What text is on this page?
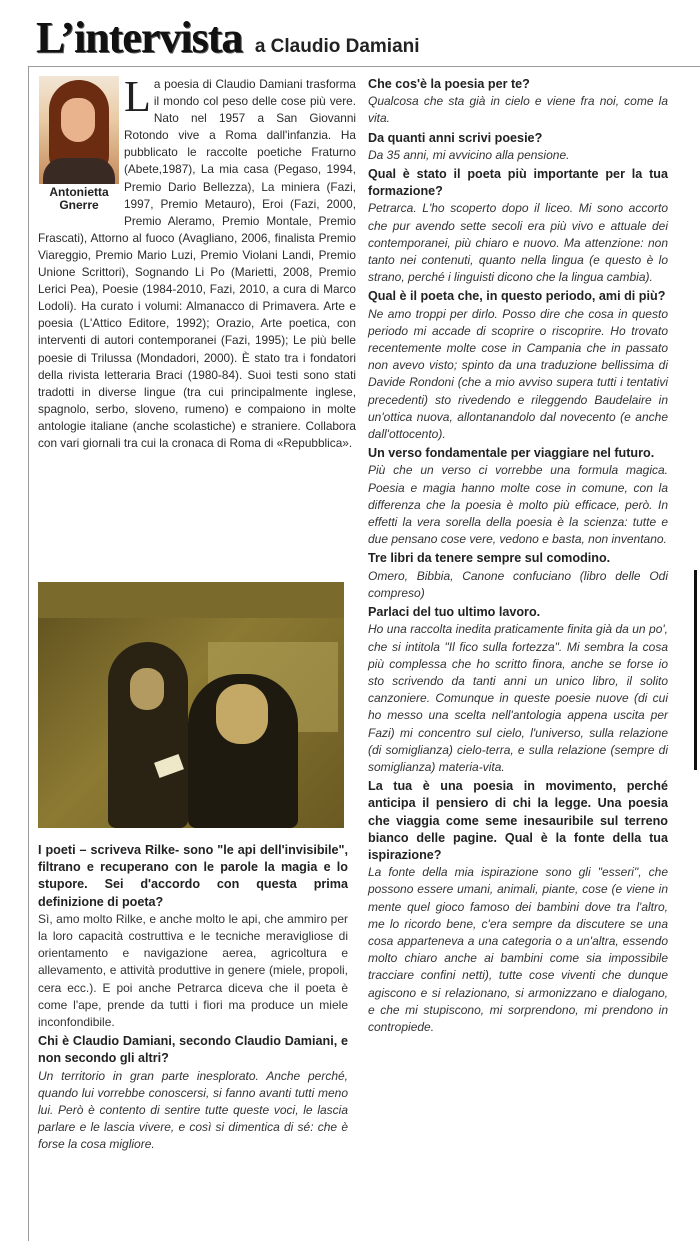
L’intervista a Claudio Damiani
Antonietta
Gnerre

L a poesia di Claudio Damiani trasforma il mondo col peso delle cose più vere. Nato nel 1957 a San Giovanni Rotondo vive a Roma dall'infanzia. Ha pubblicato le raccolte poetiche Fraturno (Abete,1987), La mia casa (Pegaso, 1994, Premio Dario Bellezza), La miniera (Fazi, 1997, Premio Metauro), Eroi (Fazi, 2000, Premio Aleramo, Premio Montale, Premio Frascati), Attorno al fuoco (Avagliano, 2006, finalista Premio Viareggio, Premio Mario Luzi, Premio Violani Landi, Premio Unione Scrittori), Sognando Li Po (Marietti, 2008, Premio Lerici Pea), Poesie (1984-2010, Fazi, 2010, a cura di Marco Lodoli). Ha curato i volumi: Almanacco di Primavera. Arte e poesia (L'Attico Editore, 1992); Orazio, Arte poetica, con interventi di autori contemporanei (Fazi, 1995); Le più belle poesie di Trilussa (Mondadori, 2000). È stato tra i fondatori della rivista letteraria Braci (1980-84). Suoi testi sono stati tradotti in diverse lingue (tra cui principalmente inglese, spagnolo, serbo, sloveno, rumeno) e compaiono in molte antologie italiane (anche scolastiche) e straniere. Collabora con vari giornali tra cui la cronaca di Roma di «Repubblica».

I poeti – scriveva Rilke- sono "le api dell'invisibile", filtrano e recuperano con le parole la magia e lo stupore. Sei d'accordo con questa prima definizione di poeta?

Sì, amo molto Rilke, e anche molto le api, che ammiro per la loro capacità costruttiva e le tecniche meravigliose di orientamento e navigazione aerea, agricoltura e allevamento, e attività produttive in genere (miele, propoli, cera ecc.). E poi anche Petrarca diceva che il poeta è come l'ape, prende da tutti i fiori ma produce un miele inconfondibile.

Chi è Claudio Damiani, secondo Claudio Damiani, e non secondo gli altri?

Un territorio in gran parte inesplorato. Anche perché, quando lui vorrebbe conoscersi, si fanno avanti tutti meno lui. Però è contento di sentire tutte queste voci, le lascia parlare e le lascia vivere, e così si dimentica di sé: che è forse la cosa migliore.

Che cos'è la poesia per te?

Qualcosa che sta già in cielo e viene fra noi, come la vita.

Da quanti anni scrivi poesie?

Da 35 anni, mi avvicino alla pensione.

Qual è stato il poeta più importante per la tua formazione?

Petrarca. L'ho scoperto dopo il liceo. Mi sono accorto che pur avendo sette secoli era più vivo e attuale dei contemporanei, più chiaro e nuovo. Ma attenzione: non tanto nei contenuti, quanto nella lingua (e questo è lo strano, perché i linguisti dicono che la lingua cambia).

Qual è il poeta che, in questo periodo, ami di più?

Ne amo troppi per dirlo. Posso dire che cosa in questo periodo mi accade di scoprire o riscoprire. Ho trovato recentemente molte cose in Campania che in passato non avevo visto; spinto da una traduzione bellissima di Davide Rondoni (che a mio avviso supera tutti i tentativi precedenti) sto rivedendo e rileggendo Baudelaire in un'ottica nuova, allontanandolo dal novecento (e anche dall'ottocento).

Un verso fondamentale per viaggiare nel futuro.

Più che un verso ci vorrebbe una formula magica. Poesia e magia hanno molte cose in comune, con la differenza che la poesia è molto più efficace, però. In effetti la vera sorella della poesia è la scienza: tutte e due pensano cose vere, vedono e basta, non inventano.

Tre libri da tenere sempre sul comodino.

Omero, Bibbia, Canone confuciano (libro delle Odi compreso)

Parlaci del tuo ultimo lavoro.

Ho una raccolta inedita praticamente finita già da un po', che si intitola "Il fico sulla fortezza". Mi sembra la cosa più complessa che ho scritto finora, anche se forse io sto scrivendo da tanti anni un unico libro, il solito canzoniere. Comunque in queste poesie nuove (di cui ho messo una scelta nell'antologia appena uscita per Fazi) mi concentro sul cielo, l'universo, sulla relazione (di somiglianza) cielo-terra, e sulla relazione (sempre di somiglianza) materia-vita.

La tua è una poesia in movimento, perché anticipa il pensiero di chi la legge. Una poesia che viaggia come seme inesauribile sul terreno bianco delle pagine. Qual è la fonte della tua ispirazione?

La fonte della mia ispirazione sono gli "esseri", che possono essere umani, animali, piante, cose (e viene in mente quel gioco famoso dei bambini dove tra l'altro, me lo ricordo bene, c'era sempre da discutere se una cosa apparteneva a una categoria o a un'altra, essendo molto chiaro anche ai bambini come sia impossibile tracciare confini netti), tutte cose viventi che dunque agiscono e si relazionano, si armonizzano e dialogano, e che mi stupiscono, mi sorprendono, mi prendono in contropiede.
